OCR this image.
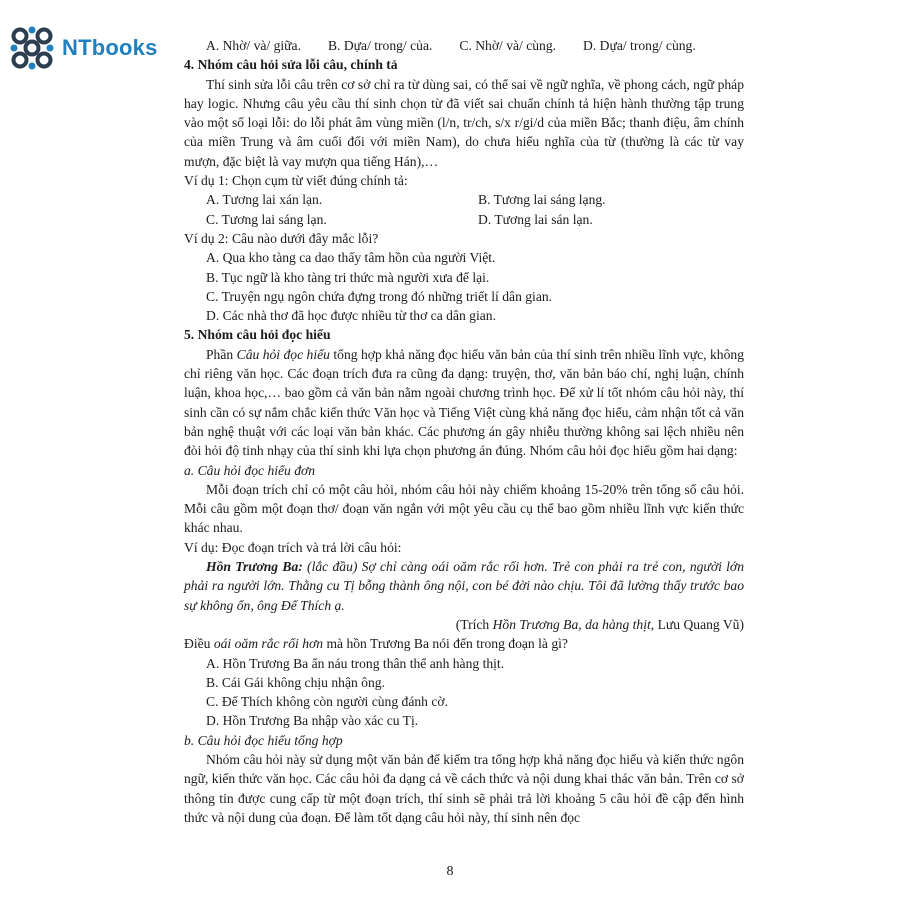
NTbooks	A. Nhờ/ và/ giữa. B. Dựa/ trong/ của. C. Nhờ/ và/ cùng. D. Dựa/ trong/ cùng.
4. Nhóm câu hỏi sửa lỗi câu, chính tả

Thí sinh sửa lỗi câu trên cơ sở chỉ ra từ dùng sai, có thể sai về ngữ nghĩa, về phong cách, ngữ pháp hay logic. Nhưng câu yêu cầu thí sinh chọn từ đã viết sai chuẩn chính tả hiện hành thường tập trung vào một số loại lỗi: do lỗi phát âm vùng miền (l/n, tr/ch, s/x r/gi/d của miền Bắc; thanh điệu, âm chính của miền Trung và âm cuối đối với miền Nam), do chưa hiểu nghĩa của từ (thường là các từ vay mượn, đặc biệt là vay mượn qua tiếng Hán),…

Ví dụ 1: Chọn cụm từ viết đúng chính tả:
A. Tương lai xán lạn.	B. Tương lai sáng lạng.
C. Tương lai sáng lạn.	D. Tương lai sán lạn.
Ví dụ 2: Câu nào dưới đây mắc lỗi?
A. Qua kho tàng ca dao thấy tâm hồn của người Việt.
B. Tục ngữ là kho tàng tri thức mà người xưa để lại.
C. Truyện ngụ ngôn chứa đựng trong đó những triết lí dân gian.
D. Các nhà thơ đã học được nhiều từ thơ ca dân gian.
5. Nhóm câu hỏi đọc hiểu

Phần Câu hỏi đọc hiểu tổng hợp khả năng đọc hiểu văn bản của thí sinh trên nhiều lĩnh vực, không chỉ riêng văn học. Các đoạn trích đưa ra cũng đa dạng: truyện, thơ, văn bản báo chí, nghị luận, chính luận, khoa học,… bao gồm cả văn bản nằm ngoài chương trình học. Để xử lí tốt nhóm câu hỏi này, thí sinh cần có sự nắm chắc kiến thức Văn học và Tiếng Việt cùng khả năng đọc hiểu, cảm nhận tốt cả văn bản nghệ thuật với các loại văn bản khác. Các phương án gây nhiễu thường không sai lệch nhiều nên đòi hỏi độ tinh nhạy của thí sinh khi lựa chọn phương án đúng. Nhóm câu hỏi đọc hiểu gồm hai dạng:

a. Câu hỏi đọc hiểu đơn

Mỗi đoạn trích chỉ có một câu hỏi, nhóm câu hỏi này chiếm khoảng 15-20% trên tổng số câu hỏi. Mỗi câu gồm một đoạn thơ/ đoạn văn ngắn với một yêu cầu cụ thể bao gồm nhiều lĩnh vực kiến thức khác nhau.

Ví dụ: Đọc đoạn trích và trả lời câu hỏi:

Hồn Trương Ba: (lắc đầu) Sợ chỉ càng oái oăm rắc rối hơn. Trẻ con phải ra trẻ con, người lớn phải ra người lớn. Thằng cu Tị bỗng thành ông nội, con bé đời nào chịu. Tôi đã lường thấy trước bao sự không ổn, ông Đế Thích ạ.

(Trích Hồn Trương Ba, da hàng thịt, Lưu Quang Vũ)
Điều oái oăm rắc rối hơn mà hồn Trương Ba nói đến trong đoạn là gì?
A. Hồn Trương Ba ẩn náu trong thân thể anh hàng thịt.
B. Cái Gái không chịu nhận ông.
C. Đế Thích không còn người cùng đánh cờ.
D. Hồn Trương Ba nhập vào xác cu Tị.
b. Câu hỏi đọc hiểu tổng hợp

Nhóm câu hỏi này sử dụng một văn bản để kiểm tra tổng hợp khả năng đọc hiểu và kiến thức ngôn ngữ, kiến thức văn học. Các câu hỏi đa dạng cả về cách thức và nội dung khai thác văn bản. Trên cơ sở thông tin được cung cấp từ một đoạn trích, thí sinh sẽ phải trả lời khoảng 5 câu hỏi đề cập đến hình thức và nội dung của đoạn. Để làm tốt dạng câu hỏi này, thí sinh nên đọc

8
